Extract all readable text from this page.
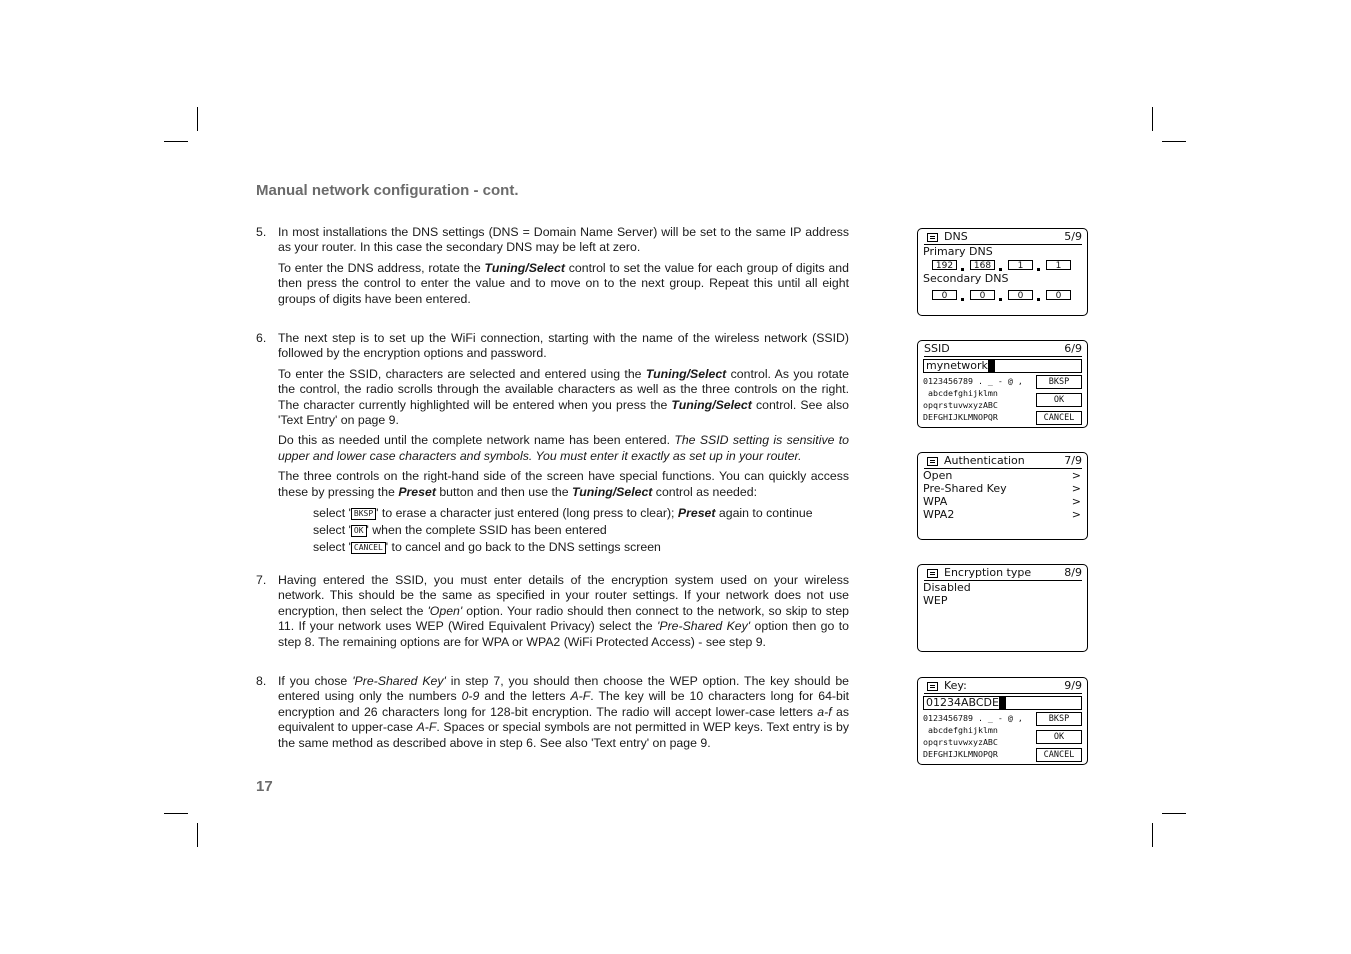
Manual network configuration - cont.
5. In most installations the DNS settings (DNS = Domain Name Server) will be set to the same IP address as your router. In this case the secondary DNS may be left at zero.
To enter the DNS address, rotate the Tuning/Select control to set the value for each group of digits and then press the control to enter the value and to move on to the next group. Repeat this until all eight groups of digits have been entered.
6. The next step is to set up the WiFi connection, starting with the name of the wireless network (SSID) followed by the encryption options and password.
To enter the SSID, characters are selected and entered using the Tuning/Select control. As you rotate the control, the radio scrolls through the available characters as well as the three controls on the right. The character currently highlighted will be entered when you press the Tuning/Select control. See also 'Text Entry' on page 9.
Do this as needed until the complete network name has been entered. The SSID setting is sensitive to upper and lower case characters and symbols. You must enter it exactly as set up in your router.
The three controls on the right-hand side of the screen have special functions. You can quickly access these by pressing the Preset button and then use the Tuning/Select control as needed:
select ' BKSP ' to erase a character just entered (long press to clear); Preset again to continue
select ' OK ' when the complete SSID has been entered
select ' CANCEL ' to cancel and go back to the DNS settings screen
7. Having entered the SSID, you must enter details of the encryption system used on your wireless network. This should be the same as specified in your router settings. If your network does not use encryption, then select the 'Open' option. Your radio should then connect to the network, so skip to step 11. If your network uses WEP (Wired Equivalent Privacy) select the 'Pre-Shared Key' option then go to step 8. The remaining options are for WPA or WPA2 (WiFi Protected Access) - see step 9.
8. If you chose 'Pre-Shared Key' in step 7, you should then choose the WEP option. The key should be entered using only the numbers 0-9 and the letters A-F. The key will be 10 characters long for 64-bit encryption and 26 characters long for 128-bit encryption. The radio will accept lower-case letters a-f as equivalent to upper-case A-F. Spaces or special symbols are not permitted in WEP keys. Text entry is by the same method as described above in step 6. See also 'Text entry' on page 9.
17
DNS	5/9
Primary DNS
192	168	1	1
Secondary DNS
0	0	0	0
SSID	6/9
mynetwork
0123456789 . _ - @ ,
abcdefghijklmn
opqrstuvwxyzABC
DEFGHIJKLMNOPQR
BKSP
OK
CANCEL
Authentication	7/9
Open	>
Pre-Shared Key	>
WPA	>
WPA2	>
Encryption type	8/9
Disabled
WEP
Key:	9/9
01234ABCDE
0123456789 . _ - @ ,
abcdefghijklmn
opqrstuvwxyzABC
DEFGHIJKLMNOPQR
BKSP
OK
CANCEL
